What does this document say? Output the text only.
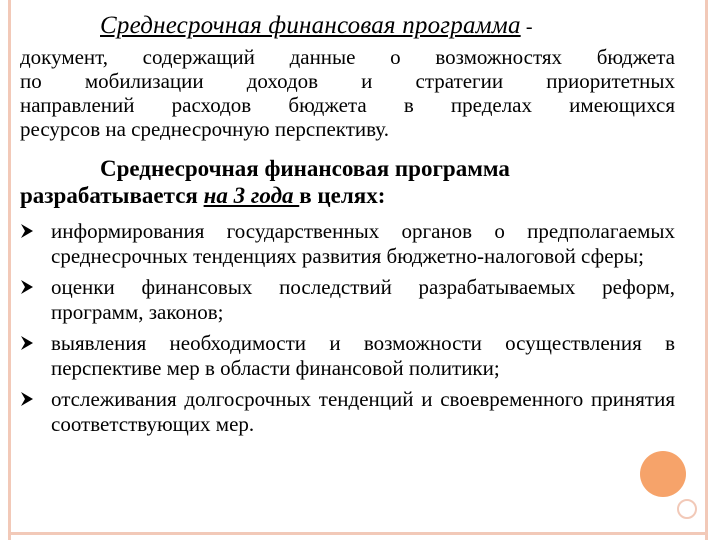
Среднесрочная финансовая программа -

документ, содержащий данные о возможностях бюджета
по мобилизации доходов и стратегии приоритетных
направлений расходов бюджета в пределах имеющихся
ресурсов на среднесрочную перспективу.

Среднесрочная финансовая программа
разрабатывается на 3 года в целях:

информирования государственных органов о предполагаемых среднесрочных тенденциях развития бюджетно-налоговой сферы;
оценки финансовых последствий разрабатываемых реформ, программ, законов;
выявления необходимости и возможности осуществления в перспективе мер в области финансовой политики;
отслеживания долгосрочных тенденций и своевременного принятия соответствующих мер.
